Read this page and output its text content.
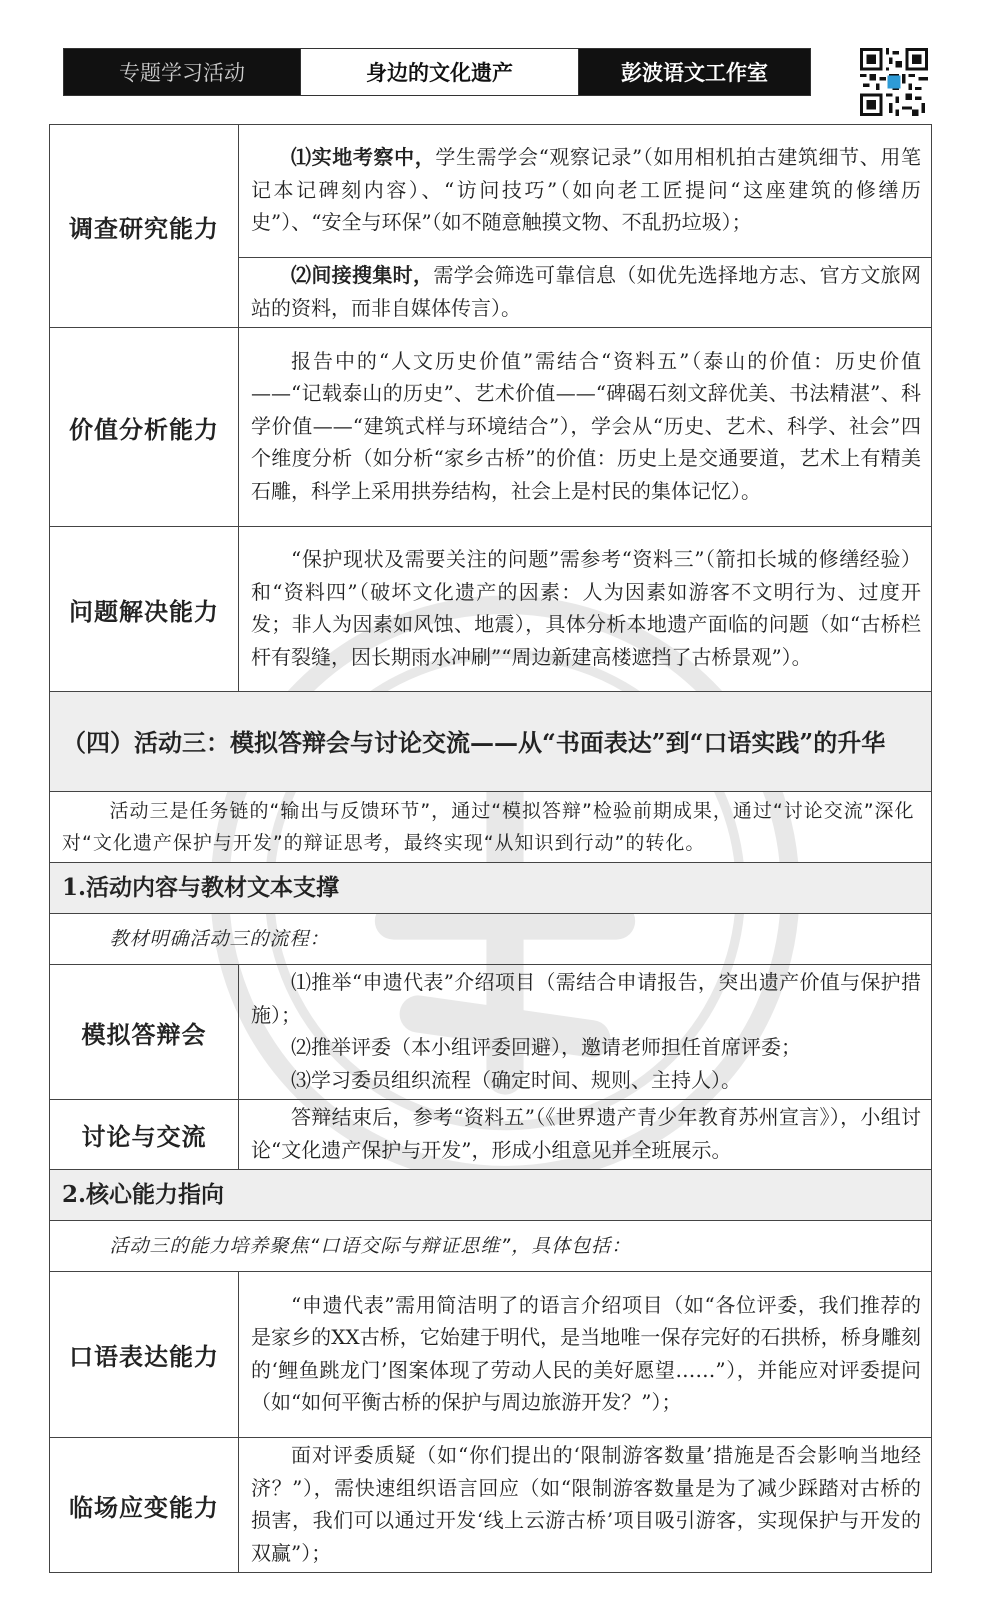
专题学习活动	身边的文化遗产	彭波语文工作室
调查研究能力	⑴实地考察中，学生需学会“观察记录”（如用相机拍古建筑细节、用笔记本记碑刻内容）、“访问技巧”（如向老工匠提问“这座建筑的修缮历史”）、“安全与环保”（如不随意触摸文物、不乱扔垃圾）；
	⑵间接搜集时，需学会筛选可靠信息（如优先选择地方志、官方文旅网站的资料，而非自媒体传言）。
价值分析能力	报告中的“人文历史价值”需结合“资料五”（泰山的价值：历史价值——“记载泰山的历史”、艺术价值——“碑碣石刻文辞优美、书法精湛”、科学价值——“建筑式样与环境结合”），学会从“历史、艺术、科学、社会”四个维度分析（如分析“家乡古桥”的价值：历史上是交通要道，艺术上有精美石雕，科学上采用拱券结构，社会上是村民的集体记忆）。
问题解决能力	“保护现状及需要关注的问题”需参考“资料三”（箭扣长城的修缮经验）和“资料四”（破坏文化遗产的因素：人为因素如游客不文明行为、过度开发；非人为因素如风蚀、地震），具体分析本地遗产面临的问题（如“古桥栏杆有裂缝，因长期雨水冲刷”“周边新建高楼遮挡了古桥景观”）。
（四）活动三：模拟答辩会与讨论交流——从“书面表达”到“口语实践”的升华	
活动三是任务链的“输出与反馈环节”，通过“模拟答辩”检验前期成果，通过“讨论交流”深化对“文化遗产保护与开发”的辩证思考，最终实现“从知识到行动”的转化。	
1.活动内容与教材文本支撑	
教材明确活动三的流程：	
模拟答辩会	⑴推举“申遗代表”介绍项目（需结合申请报告，突出遗产价值与保护措施）；
⑵推举评委（本小组评委回避），邀请老师担任首席评委；
⑶学习委员组织流程（确定时间、规则、主持人）。

讨论与交流	答辩结束后，参考“资料五”（《世界遗产青少年教育苏州宣言》），小组讨论“文化遗产保护与开发”，形成小组意见并全班展示。
2.核心能力指向	
活动三的能力培养聚焦“口语交际与辩证思维”，具体包括：	
口语表达能力	“申遗代表”需用简洁明了的语言介绍项目（如“各位评委，我们推荐的是家乡的XX古桥，它始建于明代，是当地唯一保存完好的石拱桥，桥身雕刻的‘鲤鱼跳龙门’图案体现了劳动人民的美好愿望……”），并能应对评委提问（如“如何平衡古桥的保护与周边旅游开发？”）；
临场应变能力	面对评委质疑（如“你们提出的‘限制游客数量’措施是否会影响当地经济？”），需快速组织语言回应（如“限制游客数量是为了减少踩踏对古桥的损害，我们可以通过开发‘线上云游古桥’项目吸引游客，实现保护与开发的双赢”）；
